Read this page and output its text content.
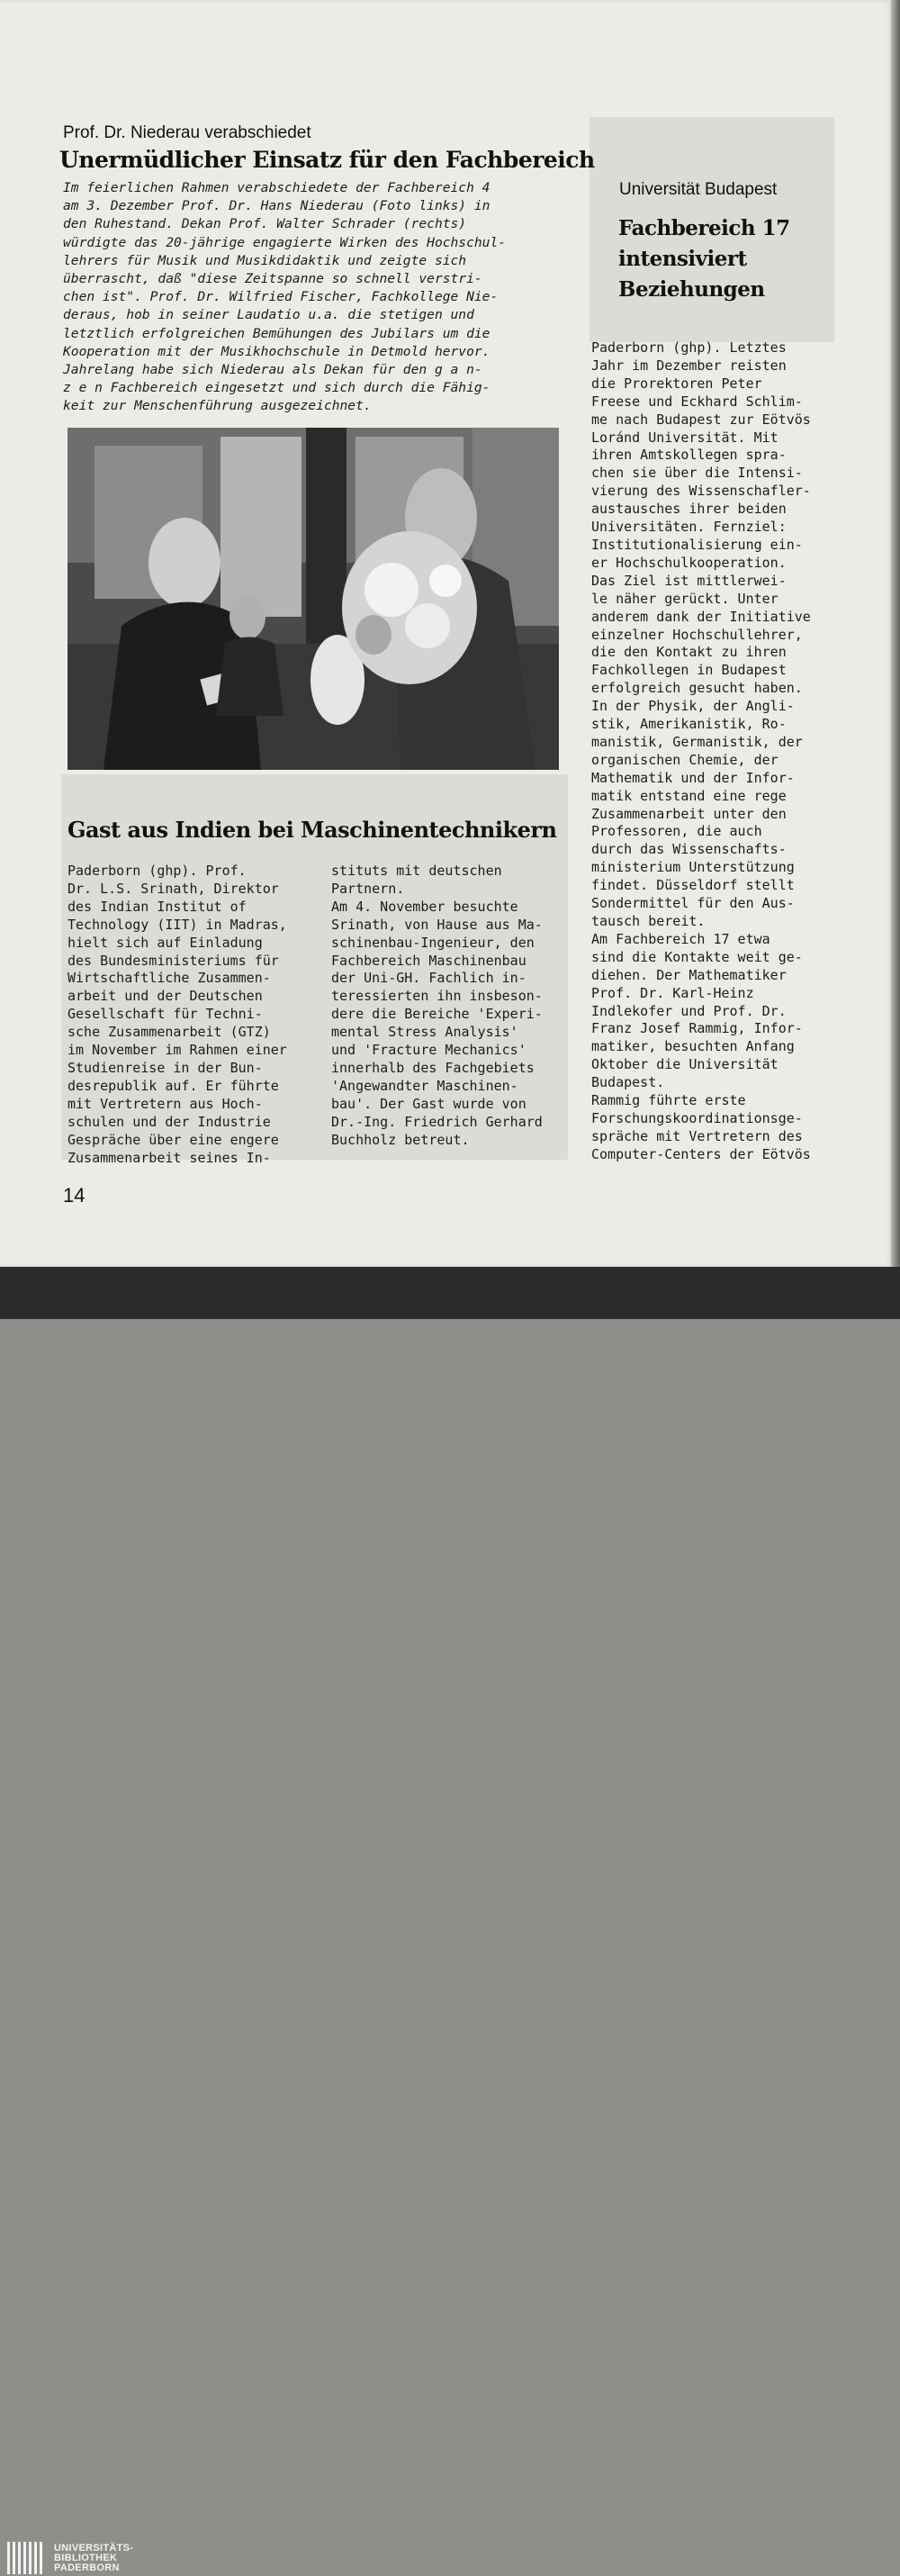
Prof. Dr. Niederau verabschiedet

Unermüdlicher Einsatz für den Fachbereich

Im feierlichen Rahmen verabschiedete der Fachbereich 4
am 3. Dezember Prof. Dr. Hans Niederau (Foto links) in
den Ruhestand. Dekan Prof. Walter Schrader (rechts)
würdigte das 20-jährige engagierte Wirken des Hochschul-
lehrers für Musik und Musikdidaktik und zeigte sich
überrascht, daß "diese Zeitspanne so schnell verstri-
chen ist". Prof. Dr. Wilfried Fischer, Fachkollege Nie-
deraus, hob in seiner Laudatio u.a. die stetigen und
letztlich erfolgreichen Bemühungen des Jubilars um die
Kooperation mit der Musikhochschule in Detmold hervor.
Jahrelang habe sich Niederau als Dekan für den g a n-
z e n Fachbereich eingesetzt und sich durch die Fähig-
keit zur Menschenführung ausgezeichnet.

Gast aus Indien bei Maschinentechnikern

Paderborn (ghp). Prof.
Dr. L.S. Srinath, Direktor
des Indian Institut of
Technology (IIT) in Madras,
hielt sich auf Einladung
des Bundesministeriums für
Wirtschaftliche Zusammen-
arbeit und der Deutschen
Gesellschaft für Techni-
sche Zusammenarbeit (GTZ)
im November im Rahmen einer
Studienreise in der Bun-
desrepublik auf. Er führte
mit Vertretern aus Hoch-
schulen und der Industrie
Gespräche über eine engere
Zusammenarbeit seines In-

stituts mit deutschen
Partnern.
Am 4. November besuchte
Srinath, von Hause aus Ma-
schinenbau-Ingenieur, den
Fachbereich Maschinenbau
der Uni-GH. Fachlich in-
teressierten ihn insbeson-
dere die Bereiche 'Experi-
mental Stress Analysis'
und 'Fracture Mechanics'
innerhalb des Fachgebiets
'Angewandter Maschinen-
bau'. Der Gast wurde von
Dr.-Ing. Friedrich Gerhard
Buchholz betreut.

Universität Budapest

Fachbereich 17
intensiviert
Beziehungen

Paderborn (ghp). Letztes
Jahr im Dezember reisten
die Prorektoren Peter
Freese und Eckhard Schlim-
me nach Budapest zur Eötvös
Loránd Universität. Mit
ihren Amtskollegen spra-
chen sie über die Intensi-
vierung des Wissenschafler-
austausches ihrer beiden
Universitäten. Fernziel:
Institutionalisierung ein-
er Hochschulkooperation.
Das Ziel ist mittlerwei-
le näher gerückt. Unter
anderem dank der Initiative
einzelner Hochschullehrer,
die den Kontakt zu ihren
Fachkollegen in Budapest
erfolgreich gesucht haben.
In der Physik, der Angli-
stik, Amerikanistik, Ro-
manistik, Germanistik, der
organischen Chemie, der
Mathematik und der Infor-
matik entstand eine rege
Zusammenarbeit unter den
Professoren, die auch
durch das Wissenschafts-
ministerium Unterstützung
findet. Düsseldorf stellt
Sondermittel für den Aus-
tausch bereit.
Am Fachbereich 17 etwa
sind die Kontakte weit ge-
diehen. Der Mathematiker
Prof. Dr. Karl-Heinz
Indlekofer und Prof. Dr.
Franz Josef Rammig, Infor-
matiker, besuchten Anfang
Oktober die Universität
Budapest.
Rammig führte erste
Forschungskoordinationsge-
spräche mit Vertretern des
Computer-Centers der Eötvös

14

UNIVERSITÄTS-
BIBLIOTHEK
PADERBORN
